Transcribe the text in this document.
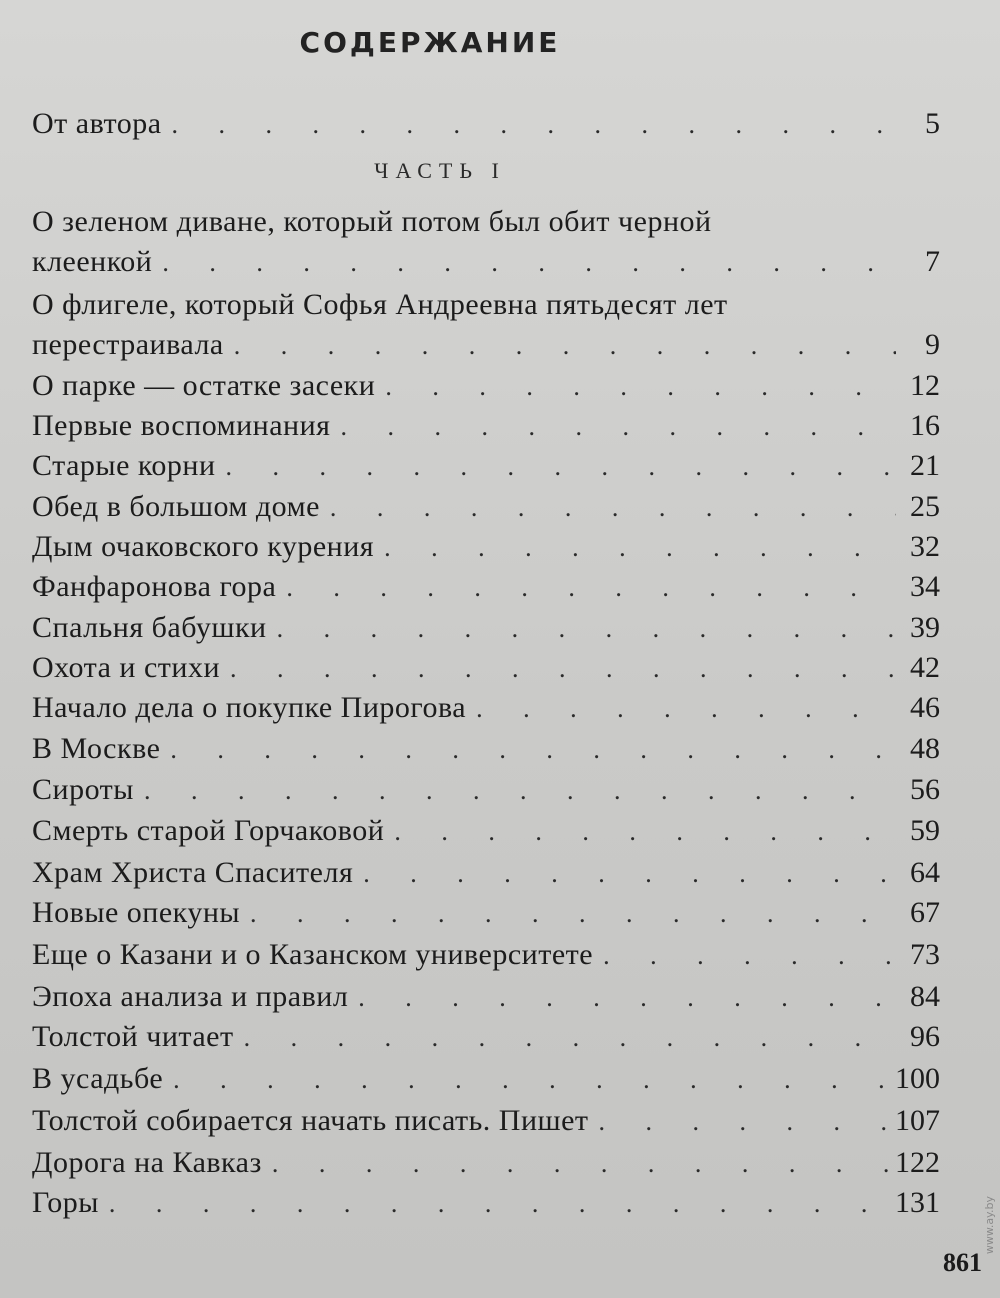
СОДЕРЖАНИЕ
От автора . . .	5
ЧАСТЬ I
О зеленом диване, который потом был обит черной
клеенкой . . .	7
О флигеле, который Софья Андреевна пятьдесят лет
перестраивала . . .	9
О парке — остатке засеки . . .	12
Первые воспоминания . . .	16
Старые корни . . .	21
Обед в большом доме . . .	25
Дым очаковского курения . . .	32
Фанфаронова гора . . .	34
Спальня бабушки . . .	39
Охота и стихи . . .	42
Начало дела о покупке Пирогова . . .	46
В Москве . . .	48
Сироты . . .	56
Смерть старой Горчаковой . . .	59
Храм Христа Спасителя . . .	64
Новые опекуны . . .	67
Еще о Казани и о Казанском университете . . .	73
Эпоха анализа и правил . . .	84
Толстой читает . . .	96
В усадьбе . . .	100
Толстой собирается начать писать. Пишет . . .	107
Дорога на Кавказ . . .	122
Горы . . .	131
861
www.ay.by
